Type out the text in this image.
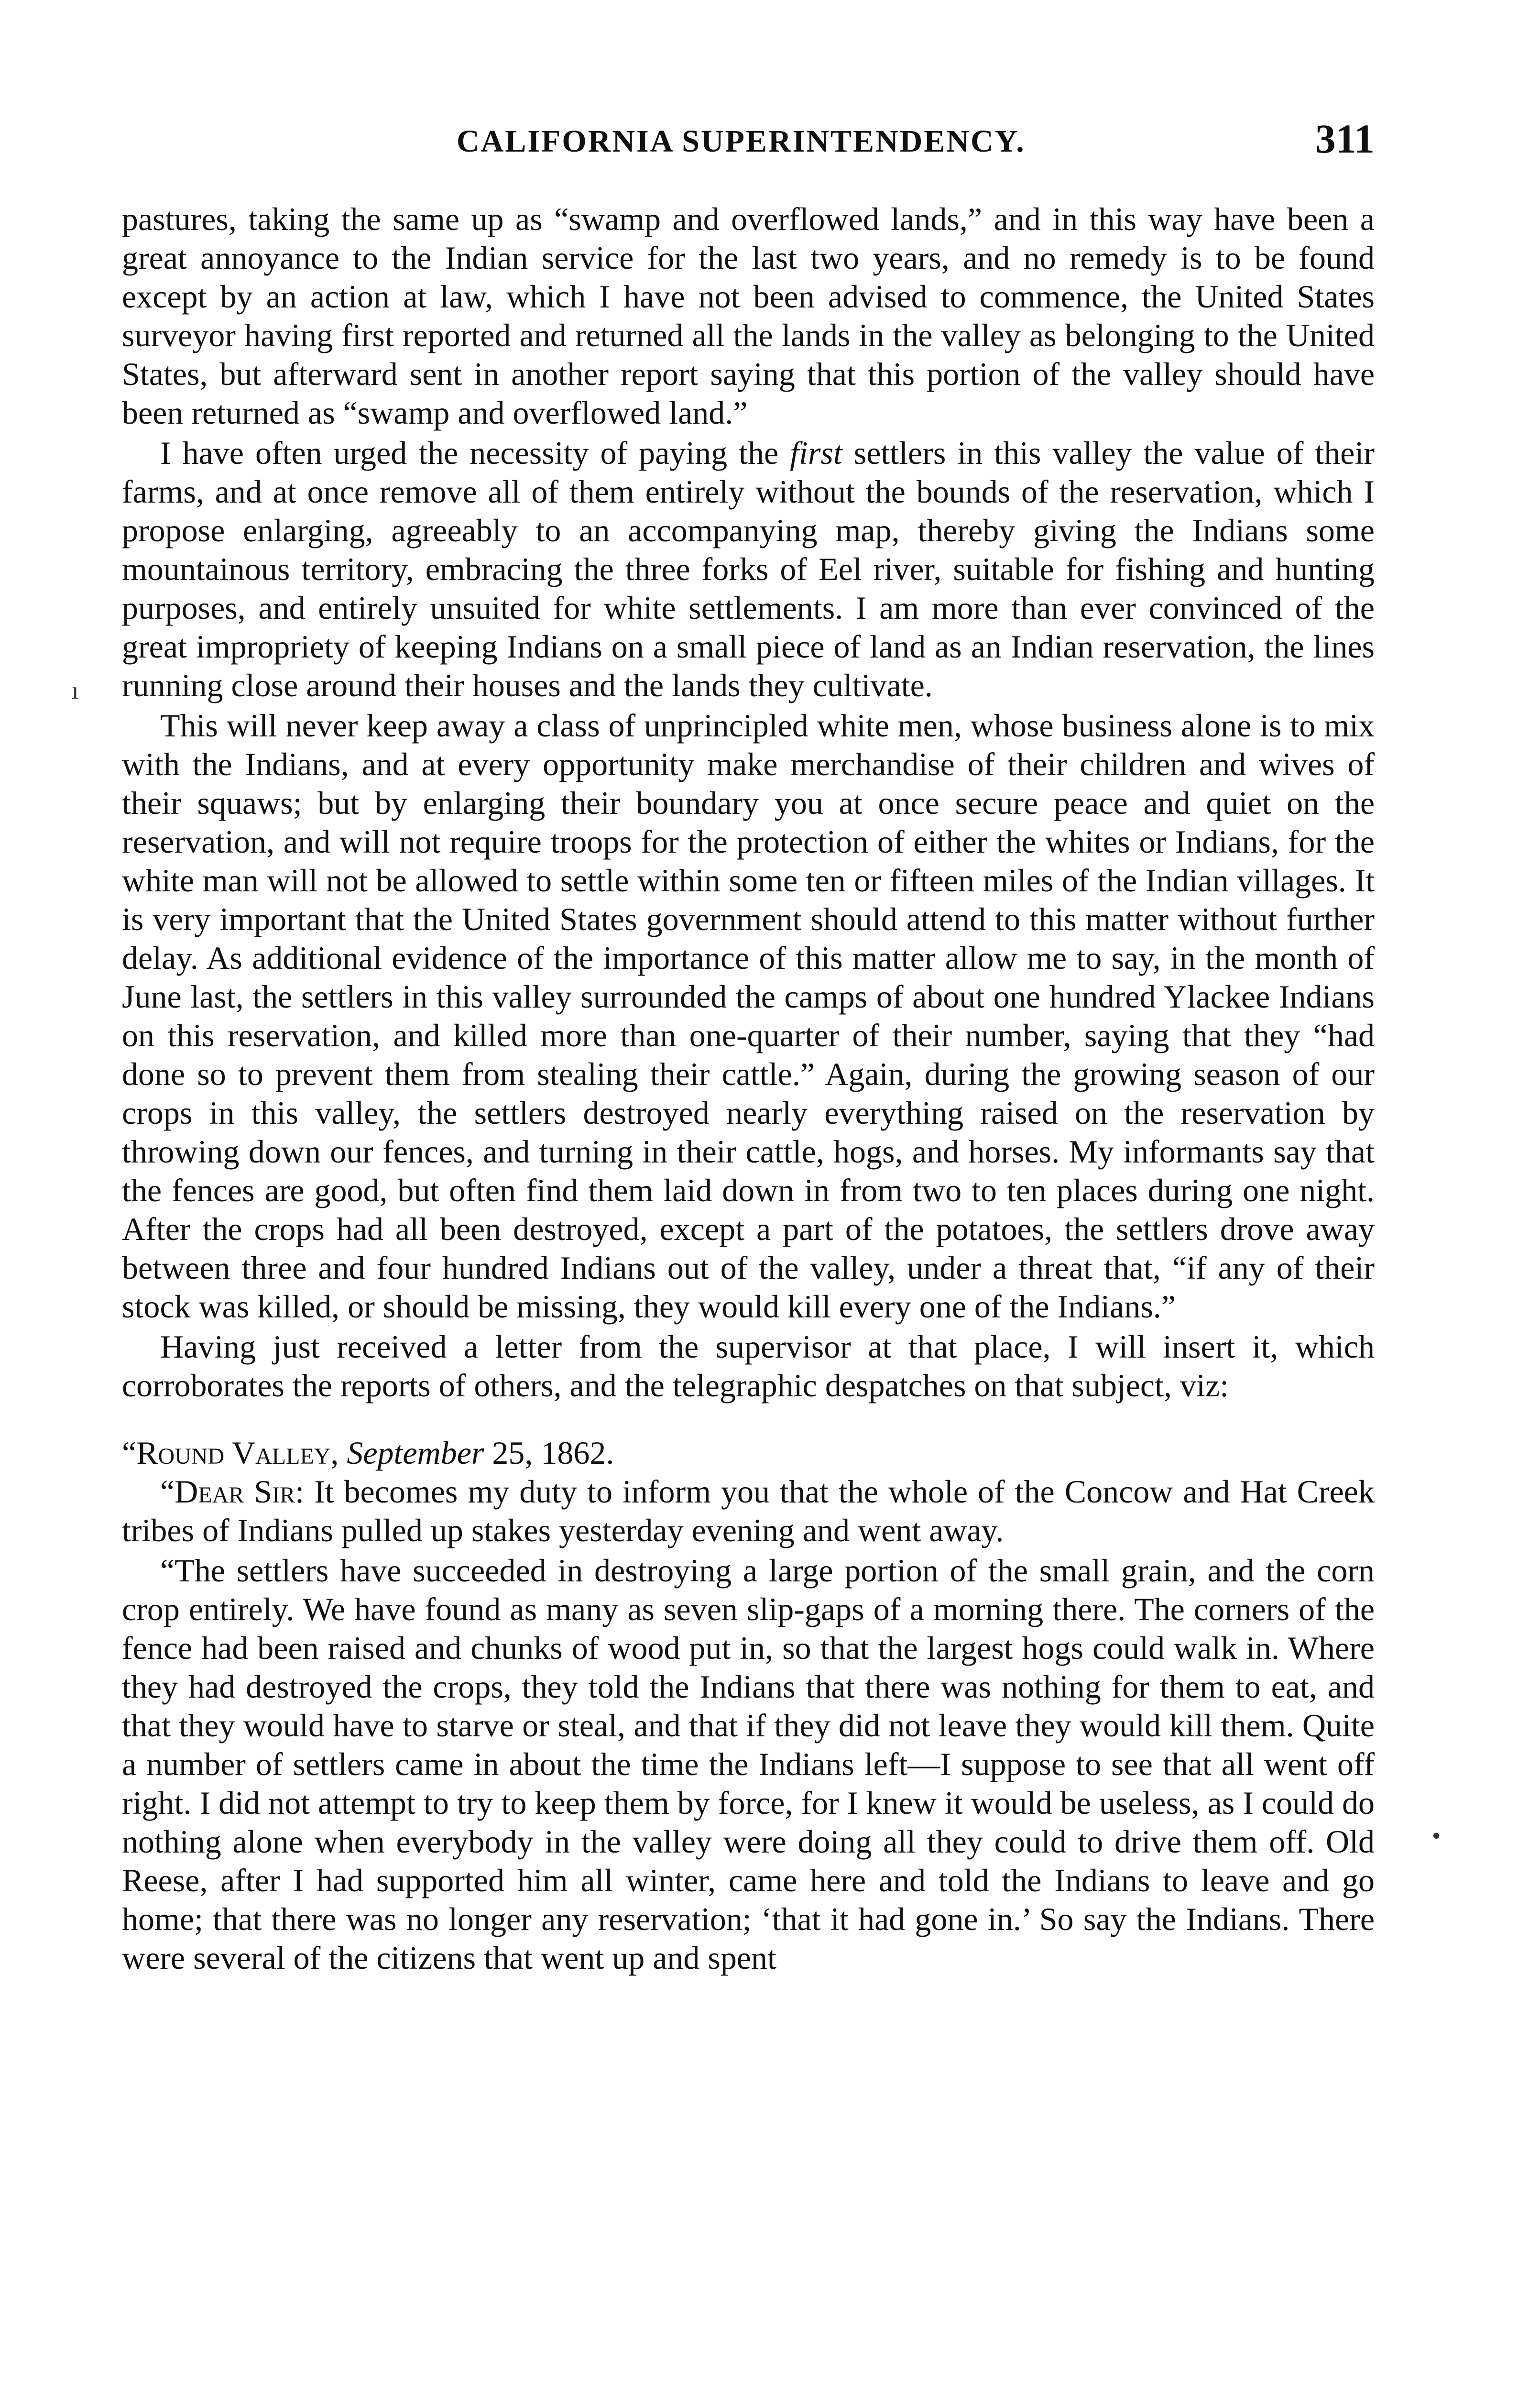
CALIFORNIA SUPERINTENDENCY.	311
ı
•

pastures, taking the same up as “swamp and overflowed lands,” and in this way have been a great annoyance to the Indian service for the last two years, and no remedy is to be found except by an action at law, which I have not been advised to commence, the United States surveyor having first reported and returned all the lands in the valley as belonging to the United States, but afterward sent in another report saying that this portion of the valley should have been returned as “swamp and overflowed land.”

I have often urged the necessity of paying the first settlers in this valley the value of their farms, and at once remove all of them entirely without the bounds of the reservation, which I propose enlarging, agreeably to an accompanying map, thereby giving the Indians some mountainous territory, embracing the three forks of Eel river, suitable for fishing and hunting purposes, and entirely unsuited for white settlements. I am more than ever convinced of the great impropriety of keeping Indians on a small piece of land as an Indian reservation, the lines running close around their houses and the lands they cultivate.

This will never keep away a class of unprincipled white men, whose business alone is to mix with the Indians, and at every opportunity make merchandise of their children and wives of their squaws; but by enlarging their boundary you at once secure peace and quiet on the reservation, and will not require troops for the protection of either the whites or Indians, for the white man will not be allowed to settle within some ten or fifteen miles of the Indian villages. It is very important that the United States government should attend to this matter without further delay. As additional evidence of the importance of this matter allow me to say, in the month of June last, the settlers in this valley surrounded the camps of about one hundred Ylackee Indians on this reservation, and killed more than one-quarter of their number, saying that they “had done so to prevent them from stealing their cattle.” Again, during the growing season of our crops in this valley, the settlers destroyed nearly everything raised on the reservation by throwing down our fences, and turning in their cattle, hogs, and horses. My informants say that the fences are good, but often find them laid down in from two to ten places during one night. After the crops had all been destroyed, except a part of the potatoes, the settlers drove away between three and four hundred Indians out of the valley, under a threat that, “if any of their stock was killed, or should be missing, they would kill every one of the Indians.”

Having just received a letter from the supervisor at that place, I will insert it, which corroborates the reports of others, and the telegraphic despatches on that subject, viz:

“Round Valley, September 25, 1862.

“Dear Sir: It becomes my duty to inform you that the whole of the Concow and Hat Creek tribes of Indians pulled up stakes yesterday evening and went away.

“The settlers have succeeded in destroying a large portion of the small grain, and the corn crop entirely. We have found as many as seven slip-gaps of a morning there. The corners of the fence had been raised and chunks of wood put in, so that the largest hogs could walk in. Where they had destroyed the crops, they told the Indians that there was nothing for them to eat, and that they would have to starve or steal, and that if they did not leave they would kill them. Quite a number of settlers came in about the time the Indians left—I suppose to see that all went off right. I did not attempt to try to keep them by force, for I knew it would be useless, as I could do nothing alone when everybody in the valley were doing all they could to drive them off. Old Reese, after I had supported him all winter, came here and told the Indians to leave and go home; that there was no longer any reservation; ‘that it had gone in.’ So say the Indians. There were several of the citizens that went up and spent
